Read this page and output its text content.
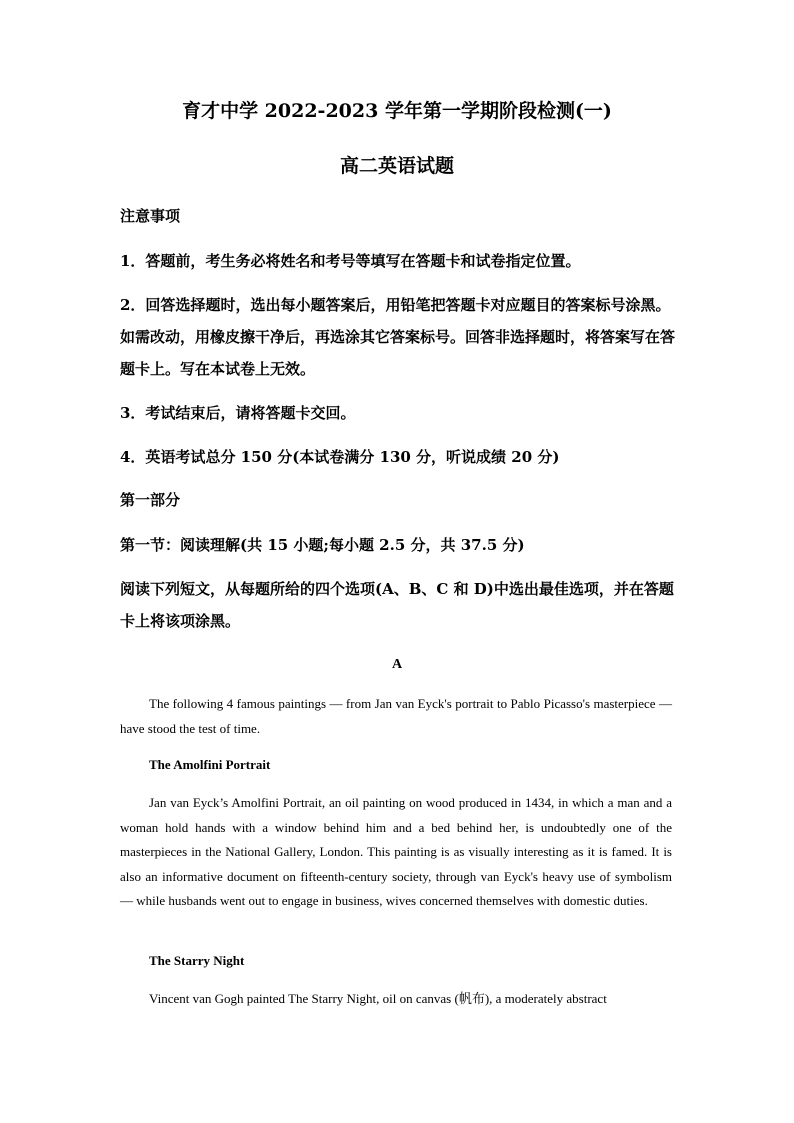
育才中学 2022-2023 学年第一学期阶段检测(一)
高二英语试题
注意事项
1．答题前，考生务必将姓名和考号等填写在答题卡和试卷指定位置。
2．回答选择题时，选出每小题答案后，用铅笔把答题卡对应题目的答案标号涂黑。如需改动，用橡皮擦干净后，再选涂其它答案标号。回答非选择题时，将答案写在答题卡上。写在本试卷上无效。
3．考试结束后，请将答题卡交回。
4．英语考试总分 150 分(本试卷满分 130 分，听说成绩 20 分)
第一部分
第一节：阅读理解(共 15 小题;每小题 2.5 分，共 37.5 分)
阅读下列短文，从每题所给的四个选项(A、B、C 和 D)中选出最佳选项，并在答题卡上将该项涂黑。
A
The following 4 famous paintings — from Jan van Eyck's portrait to Pablo Picasso's masterpiece — have stood the test of time.
The Amolfini Portrait
Jan van Eyck’s Amolfini Portrait, an oil painting on wood produced in 1434, in which a man and a woman hold hands with a window behind him and a bed behind her, is undoubtedly one of the masterpieces in the National Gallery, London. This painting is as visually interesting as it is famed. It is also an informative document on fifteenth-century society, through van Eyck's heavy use of symbolism — while husbands went out to engage in business, wives concerned themselves with domestic duties.
The Starry Night
Vincent van Gogh painted The Starry Night, oil on canvas (帆布), a moderately abstract
